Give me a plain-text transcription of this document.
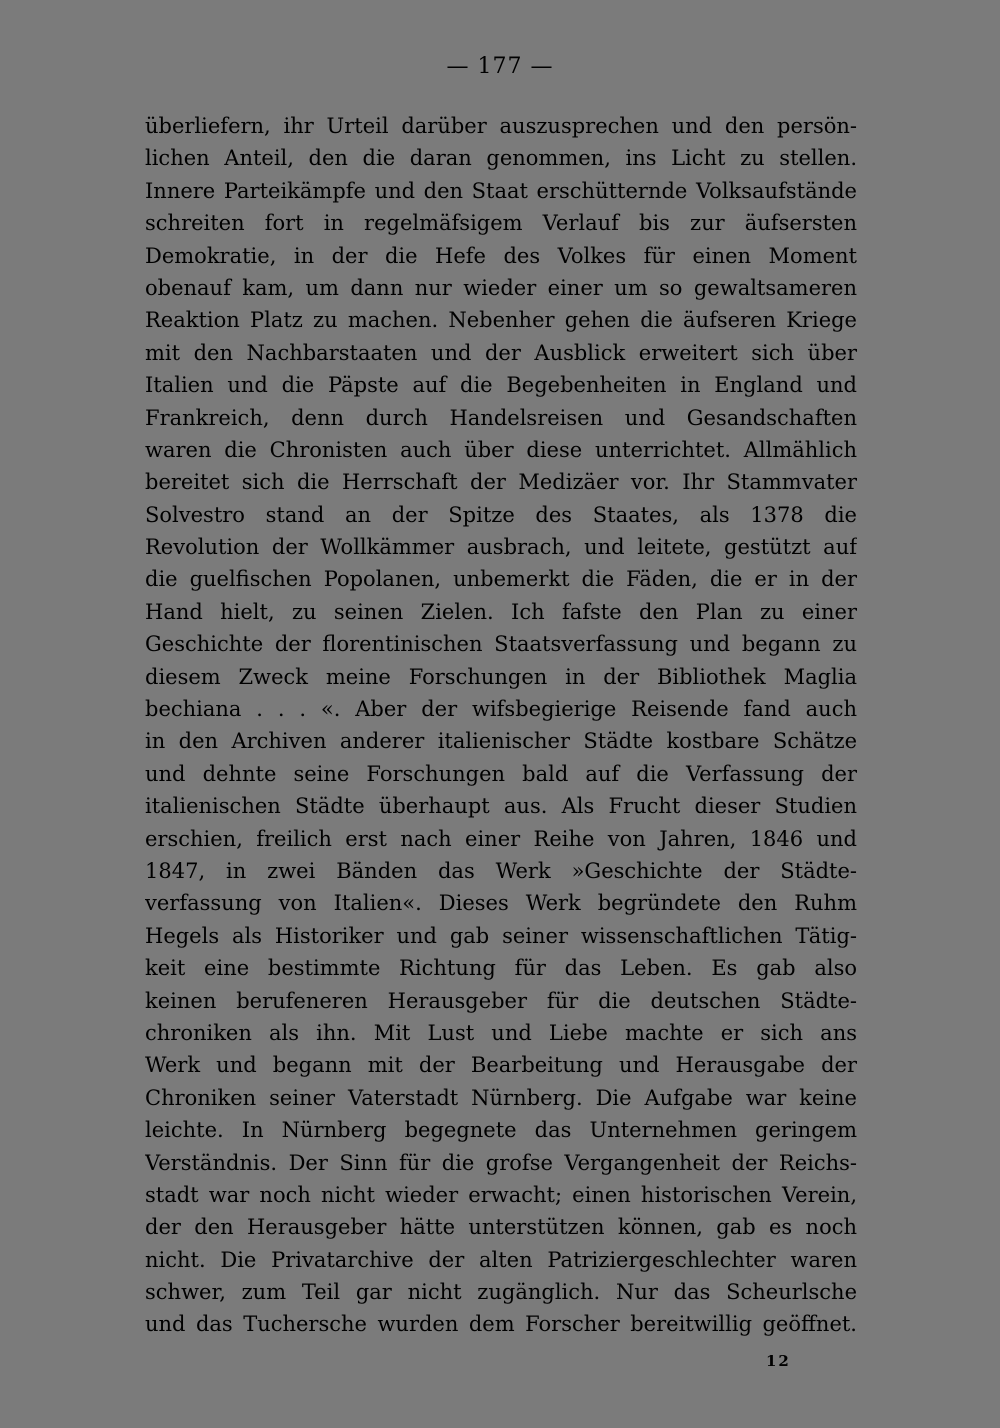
— 177 —
überliefern, ihr Urteil darüber auszusprechen und den persön-
lichen Anteil, den die daran genommen, ins Licht zu stellen.
Innere Parteikämpfe und den Staat erschütternde Volksaufstände
schreiten fort in regelmäfsigem Verlauf bis zur äufsersten
Demokratie, in der die Hefe des Volkes für einen Moment
obenauf kam, um dann nur wieder einer um so gewaltsameren
Reaktion Platz zu machen. Nebenher gehen die äufseren Kriege
mit den Nachbarstaaten und der Ausblick erweitert sich über
Italien und die Päpste auf die Begebenheiten in England und
Frankreich, denn durch Handelsreisen und Gesandschaften
waren die Chronisten auch über diese unterrichtet. Allmählich
bereitet sich die Herrschaft der Medizäer vor. Ihr Stammvater
Solvestro stand an der Spitze des Staates, als 1378 die
Revolution der Wollkämmer ausbrach, und leitete, gestützt auf
die guelfischen Popolanen, unbemerkt die Fäden, die er in der
Hand hielt, zu seinen Zielen. Ich fafste den Plan zu einer
Geschichte der florentinischen Staatsverfassung und begann zu
diesem Zweck meine Forschungen in der Bibliothek Maglia
bechiana . . . «. Aber der wifsbegierige Reisende fand auch
in den Archiven anderer italienischer Städte kostbare Schätze
und dehnte seine Forschungen bald auf die Verfassung der
italienischen Städte überhaupt aus. Als Frucht dieser Studien
erschien, freilich erst nach einer Reihe von Jahren, 1846 und
1847, in zwei Bänden das Werk »Geschichte der Städte-
verfassung von Italien«. Dieses Werk begründete den Ruhm
Hegels als Historiker und gab seiner wissenschaftlichen Tätig-
keit eine bestimmte Richtung für das Leben. Es gab also
keinen berufeneren Herausgeber für die deutschen Städte-
chroniken als ihn. Mit Lust und Liebe machte er sich ans
Werk und begann mit der Bearbeitung und Herausgabe der
Chroniken seiner Vaterstadt Nürnberg. Die Aufgabe war keine
leichte. In Nürnberg begegnete das Unternehmen geringem
Verständnis. Der Sinn für die grofse Vergangenheit der Reichs-
stadt war noch nicht wieder erwacht; einen historischen Verein,
der den Herausgeber hätte unterstützen können, gab es noch
nicht. Die Privatarchive der alten Patriziergeschlechter waren
schwer, zum Teil gar nicht zugänglich. Nur das Scheurlsche
und das Tuchersche wurden dem Forscher bereitwillig geöffnet.
12
